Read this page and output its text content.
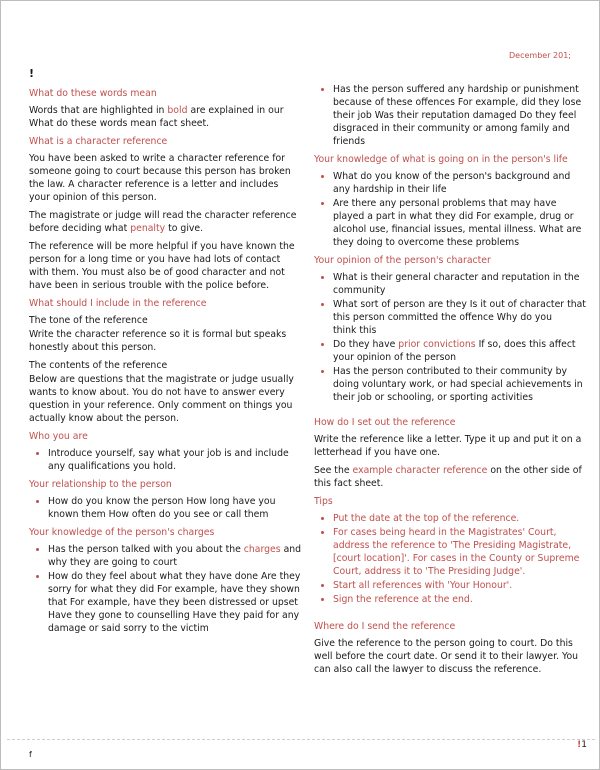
December 201;
!
What do these words mean

Words that are highlighted in bold are explained in our What do these words mean fact sheet.

What is a character reference

You have been asked to write a character reference for someone going to court because this person has broken the law. A character reference is a letter and includes your opinion of this person.

The magistrate or judge will read the character reference before deciding what penalty to give.

The reference will be more helpful if you have known the person for a long time or you have had lots of contact with them. You must also be of good character and not have been in serious trouble with the police before.

What should I include in the reference

The tone of the reference

Write the character reference so it is formal but speaks honestly about this person.

The contents of the reference

Below are questions that the magistrate or judge usually wants to know about. You do not have to answer every question in your reference. Only comment on things you actually know about the person.

Who you are
• Introduce yourself, say what your job is and include any qualifications you hold.
Your relationship to the person
• How do you know the person How long have you known them How often do you see or call them
Your knowledge of the person's charges
• Has the person talked with you about the charges and why they are going to court
• How do they feel about what they have done Are they sorry for what they did For example, have they shown that For example, have they been distressed or upset Have they gone to counselling Have they paid for any damage or said sorry to the victim
• Has the person suffered any hardship or punishment because of these offences For example, did they lose their job Was their reputation damaged Do they feel disgraced in their community or among family and friends
Your knowledge of what is going on in the person's life
• What do you know of the person's background and any hardship in their life
• Are there any personal problems that may have played a part in what they did For example, drug or alcohol use, financial issues, mental illness. What are they doing to overcome these problems
Your opinion of the person's character
• What is their general character and reputation in the community
• What sort of person are they Is it out of character that this person committed the offence Why do you
think this
• Do they have prior convictions If so, does this affect your opinion of the person
• Has the person contributed to their community by doing voluntary work, or had special achievements in their job or schooling, or sporting activities
How do I set out the reference

Write the reference like a letter. Type it up and put it on a letterhead if you have one.

See the example character reference on the other side of this fact sheet.

Tips
• Put the date at the top of the reference.
• For cases being heard in the Magistrates' Court, address the reference to 'The Presiding Magistrate, [court location]'. For cases in the County or Supreme Court, address it to 'The Presiding Judge'.
• Start all references with 'Your Honour'.
• Sign the reference at the end.
Where do I send the reference

Give the reference to the person going to court. Do this well before the court date. Or send it to their lawyer. You can also call the lawyer to discuss the reference.

f
!1
